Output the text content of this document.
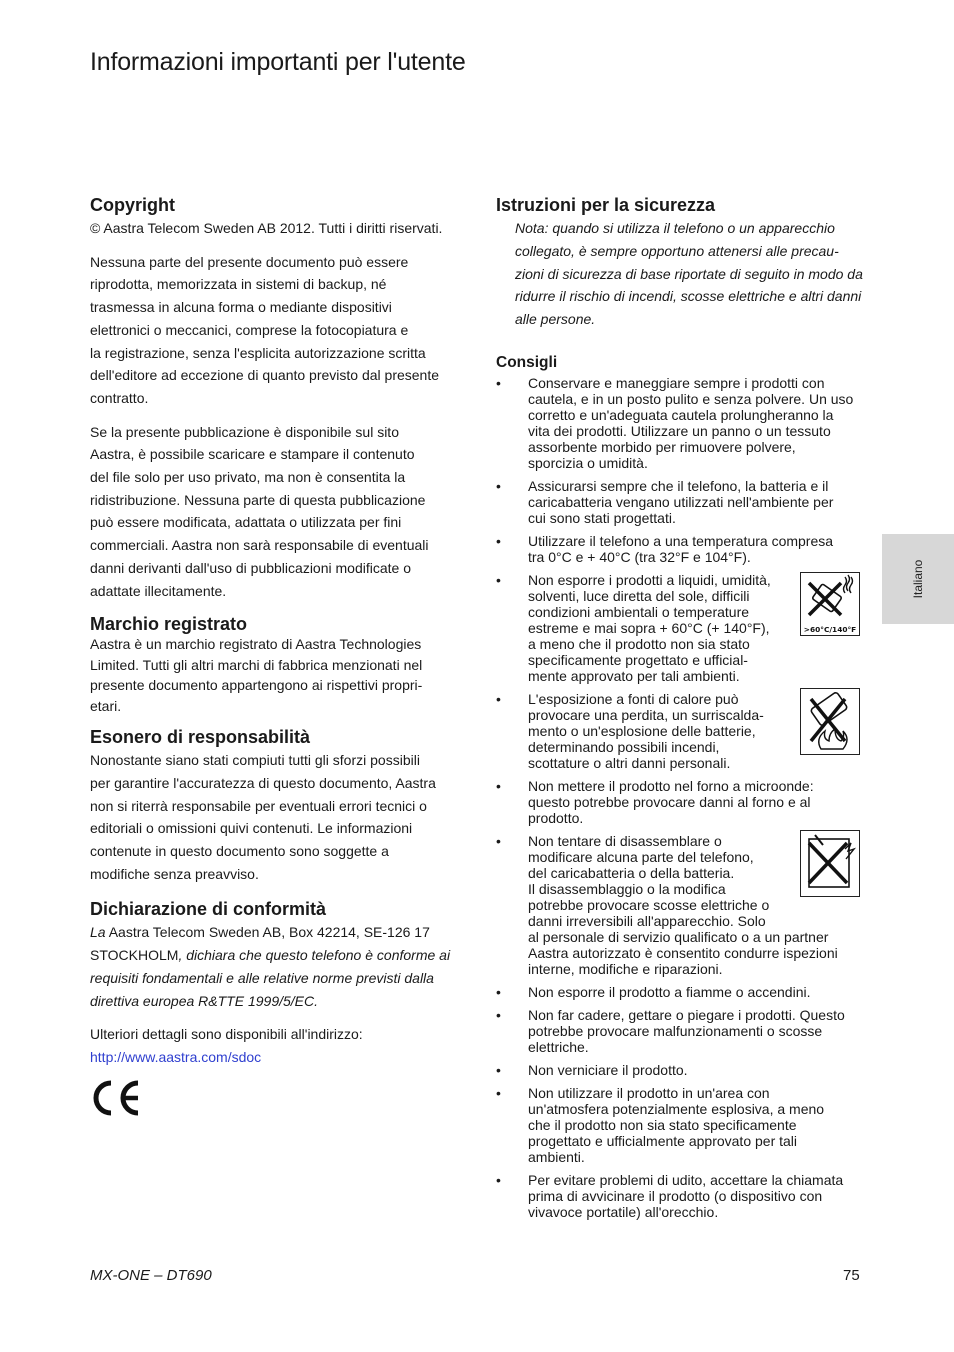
Informazioni importanti per l'utente
Copyright

© Aastra Telecom Sweden AB 2012. Tutti i diritti riservati.

Nessuna parte del presente documento può essere
riprodotta, memorizzata in sistemi di backup, né
trasmessa in alcuna forma o mediante dispositivi
elettronici o meccanici, comprese la fotocopiatura e
la registrazione, senza l'esplicita autorizzazione scritta
dell'editore ad eccezione di quanto previsto dal presente
contratto.

Se la presente pubblicazione è disponibile sul sito
Aastra, è possibile scaricare e stampare il contenuto
del file solo per uso privato, ma non è consentita la
ridistribuzione. Nessuna parte di questa pubblicazione
può essere modificata, adattata o utilizzata per fini
commerciali. Aastra non sarà responsabile di eventuali
danni derivanti dall'uso di pubblicazioni modificate o
adattate illecitamente.

Marchio registrato

Aastra è un marchio registrato di Aastra Technologies
Limited. Tutti gli altri marchi di fabbrica menzionati nel
presente documento appartengono ai rispettivi propri-
etari.

Esonero di responsabilità

Nonostante siano stati compiuti tutti gli sforzi possibili
per garantire l'accuratezza di questo documento, Aastra
non si riterrà responsabile per eventuali errori tecnici o
editoriali o omissioni quivi contenuti. Le informazioni
contenute in questo documento sono soggette a
modifiche senza preavviso.

Dichiarazione di conformità

La Aastra Telecom Sweden AB, Box 42214, SE-126 17
STOCKHOLM, dichiara che questo telefono è conforme ai
requisiti fondamentali e alle relative norme previsti dalla
direttiva europea R&TTE 1999/5/EC.

Ulteriori dettagli sono disponibili all'indirizzo:

http://www.aastra.com/sdoc

Istruzioni per la sicurezza

Nota: quando si utilizza il telefono o un apparecchio
collegato, è sempre opportuno attenersi alle precau-
zioni di sicurezza di base riportate di seguito in modo da
ridurre il rischio di incendi, scosse elettriche e altri danni
alle persone.

Consigli
•	Conservare e maneggiare sempre i prodotti con
cautela, e in un posto pulito e senza polvere. Un uso
corretto e un'adeguata cautela prolungheranno la
vita dei prodotti. Utilizzare un panno o un tessuto
assorbente morbido per rimuovere polvere,
sporcizia o umidità.
•	Assicurarsi sempre che il telefono, la batteria e il
caricabatteria vengano utilizzati nell'ambiente per
cui sono stati progettati.
•	Utilizzare il telefono a una temperatura compresa
tra 0°C e + 40°C (tra 32°F e 104°F).
•	Non esporre i prodotti a liquidi, umidità,
solventi, luce diretta del sole, difficili
condizioni ambientali o temperature
estreme e mai sopra + 60°C (+ 140°F),
a meno che il prodotto non sia stato
specificamente progettato e ufficial-
mente approvato per tali ambienti.
>60°C/140°F
•	L'esposizione a fonti di calore può
provocare una perdita, un surriscalda-
mento o un'esplosione delle batterie,
determinando possibili incendi,
scottature o altri danni personali.
•	Non mettere il prodotto nel forno a microonde:
questo potrebbe provocare danni al forno e al
prodotto.
•	Non tentare di disassemblare o
modificare alcuna parte del telefono,
del caricabatteria o della batteria.
Il disassemblaggio o la modifica
potrebbe provocare scosse elettriche o
danni irreversibili all'apparecchio. Solo
al personale di servizio qualificato o a un partner
Aastra autorizzato è consentito condurre ispezioni
interne, modifiche e riparazioni.
•	Non esporre il prodotto a fiamme o accendini.
•	Non far cadere, gettare o piegare i prodotti. Questo
potrebbe provocare malfunzionamenti o scosse
elettriche.
•	Non verniciare il prodotto.
•	Non utilizzare il prodotto in un'area con
un'atmosfera potenzialmente esplosiva, a meno
che il prodotto non sia stato specificamente
progettato e ufficialmente approvato per tali
ambienti.
•	Per evitare problemi di udito, accettare la chiamata
prima di avvicinare il prodotto (o dispositivo con
vivavoce portatile) all'orecchio.
Italiano
MX-ONE – DT690	75
